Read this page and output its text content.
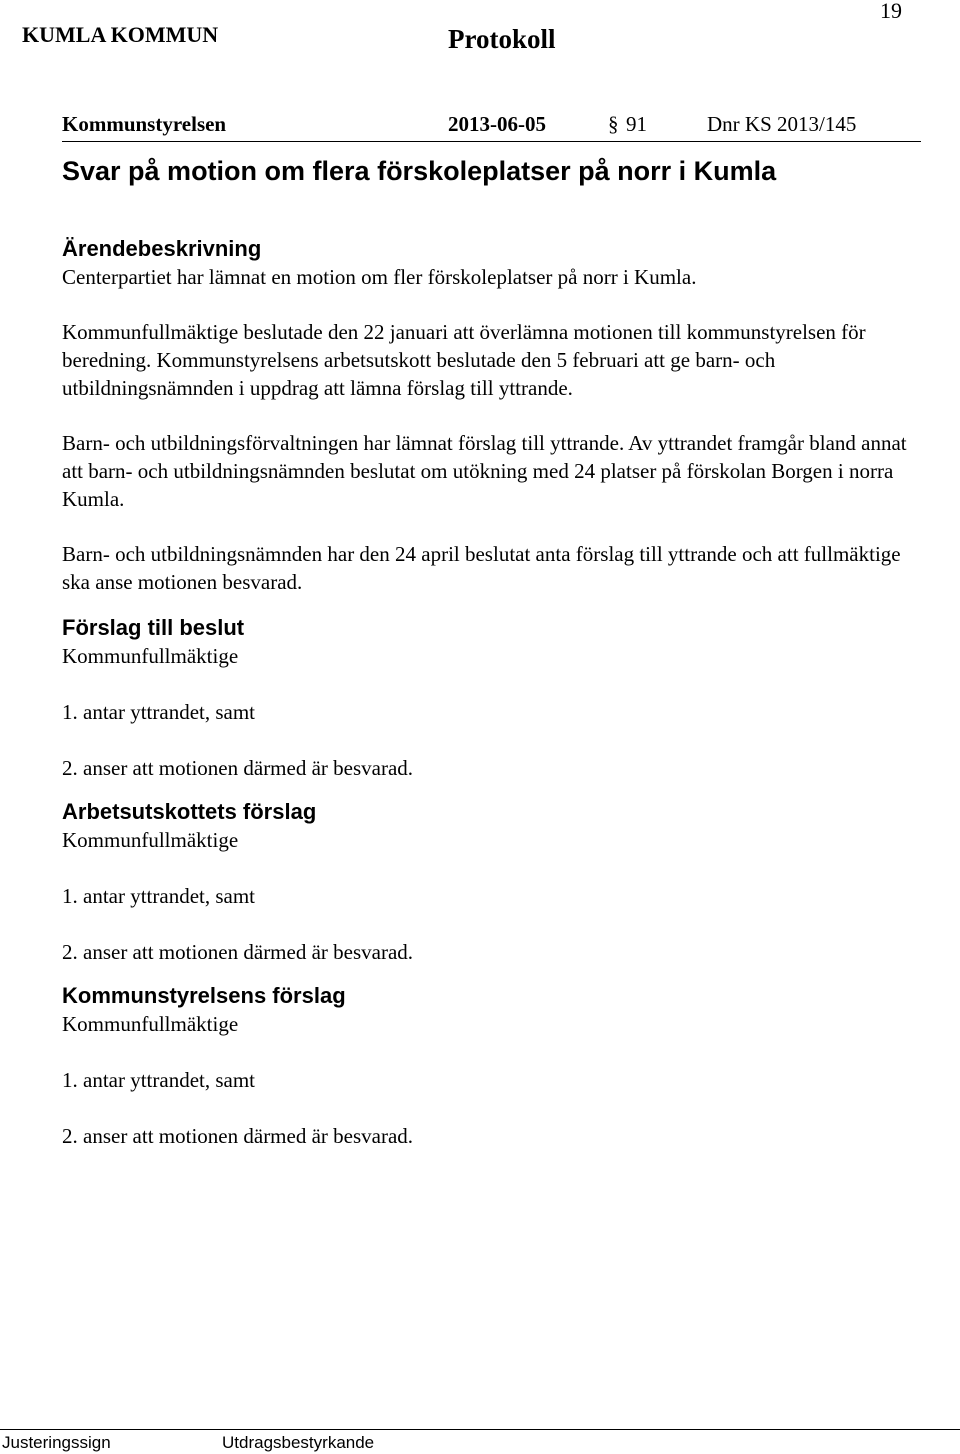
19
KUMLA KOMMUN	Protokoll
Kommunstyrelsen	2013-06-05	§ 91	Dnr KS 2013/145
Svar på motion om flera förskoleplatser på norr i Kumla
Ärendebeskrivning

Centerpartiet har lämnat en motion om fler förskoleplatser på norr i Kumla.

Kommunfullmäktige beslutade den 22 januari att överlämna motionen till kommunstyrelsen för beredning. Kommunstyrelsens arbetsutskott beslutade den 5 februari att ge barn- och utbildningsnämnden i uppdrag att lämna förslag till yttrande.

Barn- och utbildningsförvaltningen har lämnat förslag till yttrande. Av yttrandet framgår bland annat att barn- och utbildningsnämnden beslutat om utökning med 24 platser på förskolan Borgen i norra Kumla.

Barn- och utbildningsnämnden har den 24 april beslutat anta förslag till yttrande och att fullmäktige ska anse motionen besvarad.

Förslag till beslut

Kommunfullmäktige

1. antar yttrandet, samt

2. anser att motionen därmed är besvarad.

Arbetsutskottets förslag

Kommunfullmäktige

1. antar yttrandet, samt

2. anser att motionen därmed är besvarad.

Kommunstyrelsens förslag

Kommunfullmäktige

1. antar yttrandet, samt

2. anser att motionen därmed är besvarad.

Justeringssign	Utdragsbestyrkande
